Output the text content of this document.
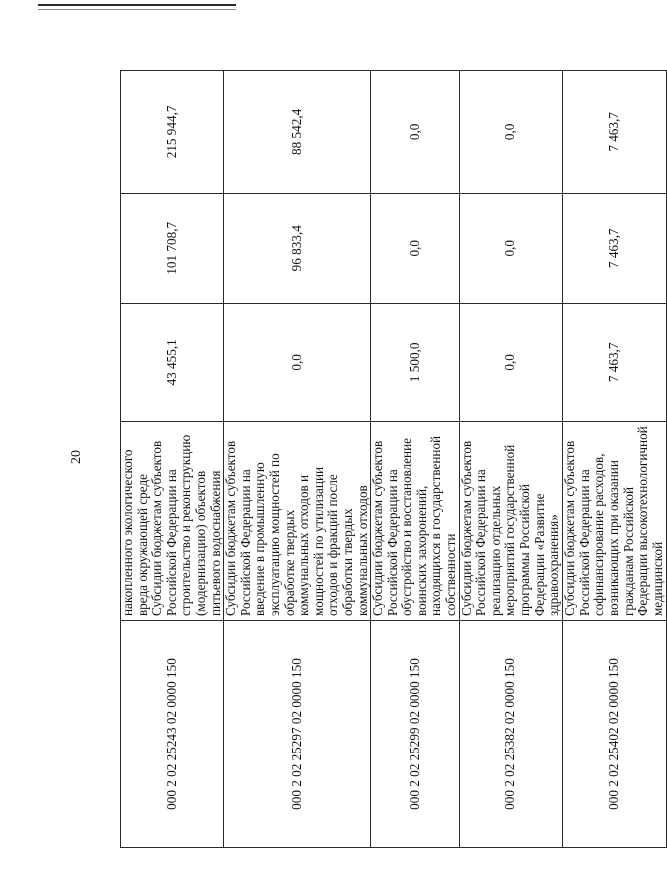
20
000 2 02 25243 02 0000 150	накопленного экологического вреда окружающей среде Субсидии бюджетам субъектов Российской Федерации на строительство и реконструкцию (модернизацию) объектов питьевого водоснабжения	43 455,1	101 708,7	215 944,7
000 2 02 25297 02 0000 150	Субсидии бюджетам субъектов Российской Федерации на введение в промышленную эксплуатацию мощностей по обработке твердых коммунальных отходов и мощностей по утилизации отходов и фракций после обработки твердых коммунальных отходов	0,0	96 833,4	88 542,4
000 2 02 25299 02 0000 150	Субсидии бюджетам субъектов Российской Федерации на обустройство и восстановление воинских захоронений, находящихся в государственной собственности	1 500,0	0,0	0,0
000 2 02 25382 02 0000 150	Субсидии бюджетам субъектов Российской Федерации на реализацию отдельных мероприятий государственной программы Российской Федерации «Развитие здравоохранения»	0,0	0,0	0,0
000 2 02 25402 02 0000 150	Субсидии бюджетам субъектов Российской Федерации на софинансирование расходов, возникающих при оказании гражданам Российской Федерации высокотехнологичной медицинской	7 463,7	7 463,7	7 463,7
